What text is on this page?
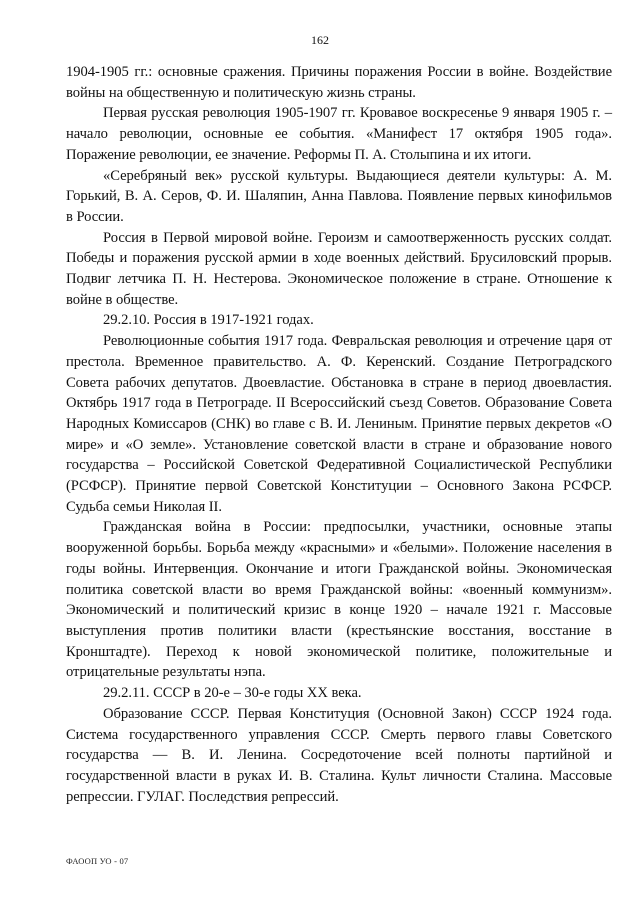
162

1904-1905 гг.: основные сражения. Причины поражения России в войне. Воздействие войны на общественную и политическую жизнь страны.

Первая русская революция 1905-1907 гг. Кровавое воскресенье 9 января 1905 г. – начало революции, основные ее события. «Манифест 17 октября 1905 года». Поражение революции, ее значение. Реформы П. А. Столыпина и их итоги.

«Серебряный век» русской культуры. Выдающиеся деятели культуры: А. М. Горький, В. А. Серов, Ф. И. Шаляпин, Анна Павлова. Появление первых кинофильмов в России.

Россия в Первой мировой войне. Героизм и самоотверженность русских солдат. Победы и поражения русской армии в ходе военных действий. Брусиловский прорыв. Подвиг летчика П. Н. Нестерова. Экономическое положение в стране. Отношение к войне в обществе.

29.2.10. Россия в 1917-1921 годах.

Революционные события 1917 года. Февральская революция и отречение царя от престола. Временное правительство. А. Ф. Керенский. Создание Петроградского Совета рабочих депутатов. Двоевластие. Обстановка в стране в период двоевластия. Октябрь 1917 года в Петрограде. II Всероссийский съезд Советов. Образование Совета Народных Комиссаров (СНК) во главе с В. И. Лениным. Принятие первых декретов «О мире» и «О земле». Установление советской власти в стране и образование нового государства – Российской Советской Федеративной Социалистической Республики (РСФСР). Принятие первой Советской Конституции – Основного Закона РСФСР. Судьба семьи Николая II.

Гражданская война в России: предпосылки, участники, основные этапы вооруженной борьбы. Борьба между «красными» и «белыми». Положение населения в годы войны. Интервенция. Окончание и итоги Гражданской войны. Экономическая политика советской власти во время Гражданской войны: «военный коммунизм». Экономический и политический кризис в конце 1920 – начале 1921 г. Массовые выступления против политики власти (крестьянские восстания, восстание в Кронштадте). Переход к новой экономической политике, положительные и отрицательные результаты нэпа.

29.2.11. СССР в 20-е – 30-е годы XX века.

Образование СССР. Первая Конституция (Основной Закон) СССР 1924 года. Система государственного управления СССР. Смерть первого главы Советского государства — В. И. Ленина. Сосредоточение всей полноты партийной и государственной власти в руках И. В. Сталина. Культ личности Сталина. Массовые репрессии. ГУЛАГ. Последствия репрессий.

ФАООП УО - 07
